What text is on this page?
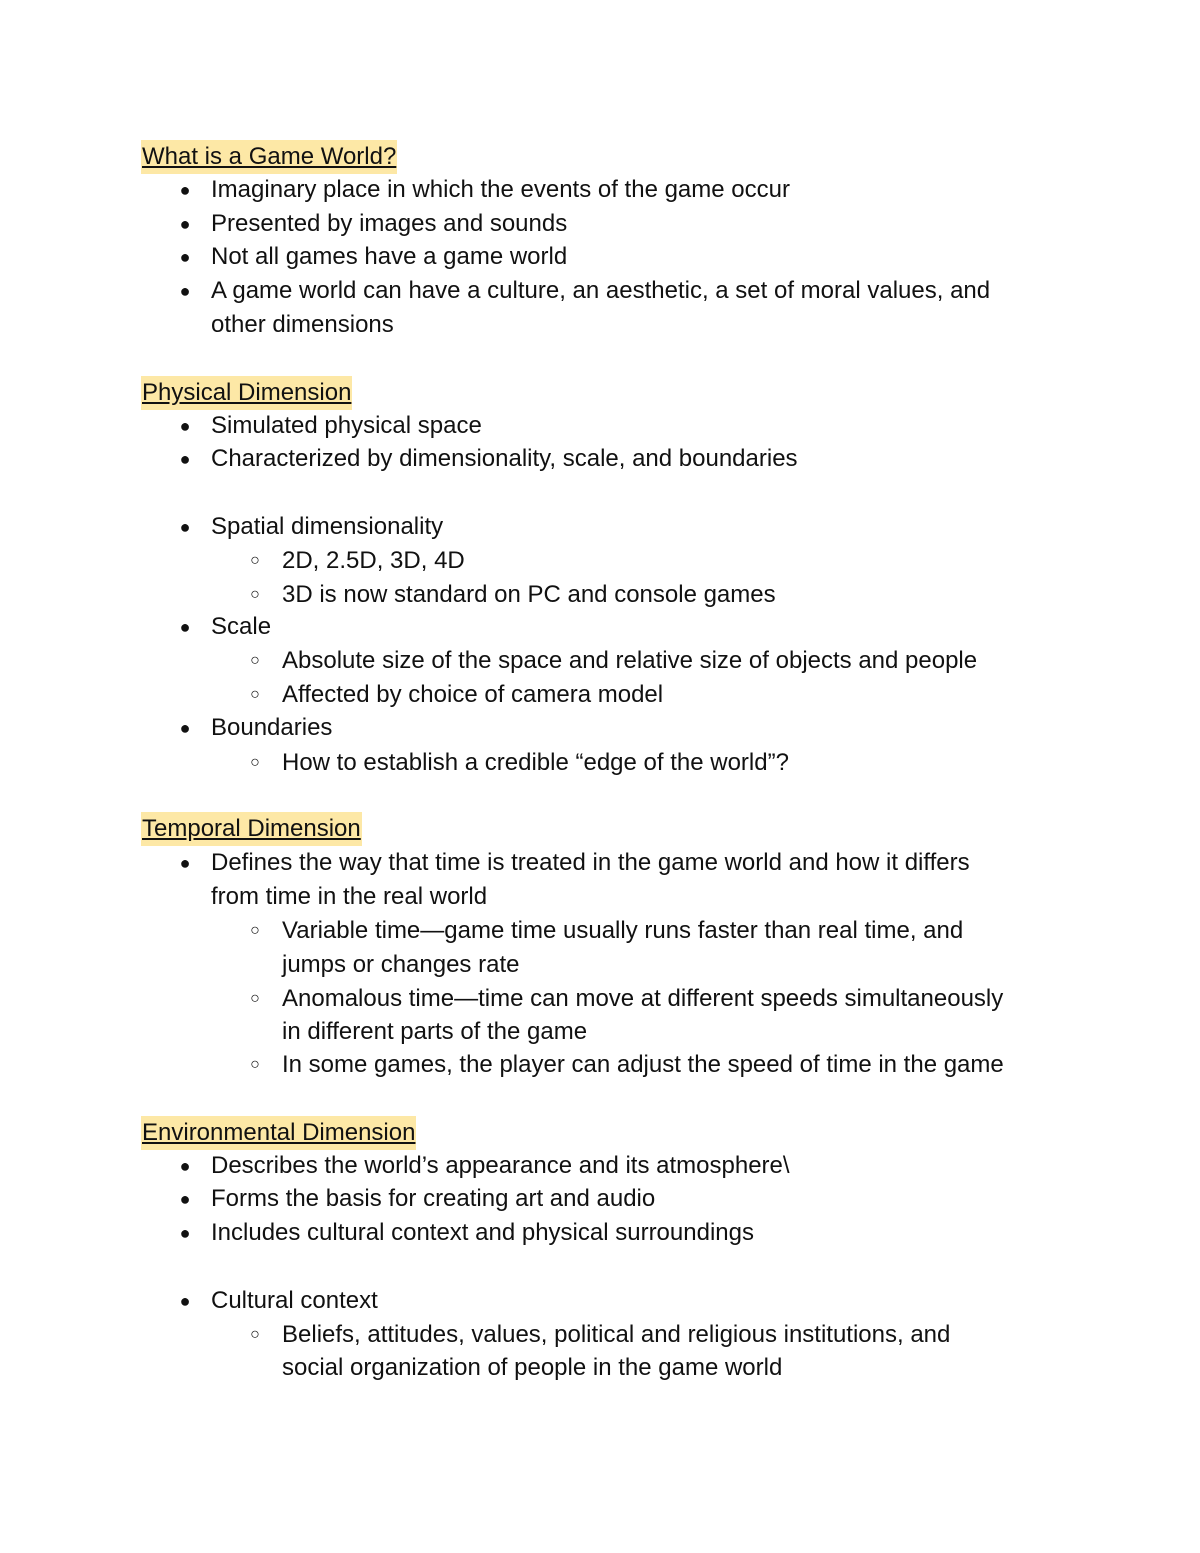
What is a Game World?
● Imaginary place in which the events of the game occur
● Presented by images and sounds
● Not all games have a game world
● A game world can have a culture, an aesthetic, a set of moral values, and
other dimensions
Physical Dimension
● Simulated physical space
● Characterized by dimensionality, scale, and boundaries
● Spatial dimensionality
○ 2D, 2.5D, 3D, 4D
○ 3D is now standard on PC and console games
● Scale
○ Absolute size of the space and relative size of objects and people
○ Affected by choice of camera model
● Boundaries
○ How to establish a credible “edge of the world”?
Temporal Dimension
● Defines the way that time is treated in the game world and how it differs
from time in the real world
○ Variable time—game time usually runs faster than real time, and
jumps or changes rate
○ Anomalous time—time can move at different speeds simultaneously
in different parts of the game
○ In some games, the player can adjust the speed of time in the game
Environmental Dimension
● Describes the world’s appearance and its atmosphere\
● Forms the basis for creating art and audio
● Includes cultural context and physical surroundings
● Cultural context
○ Beliefs, attitudes, values, political and religious institutions, and
social organization of people in the game world
